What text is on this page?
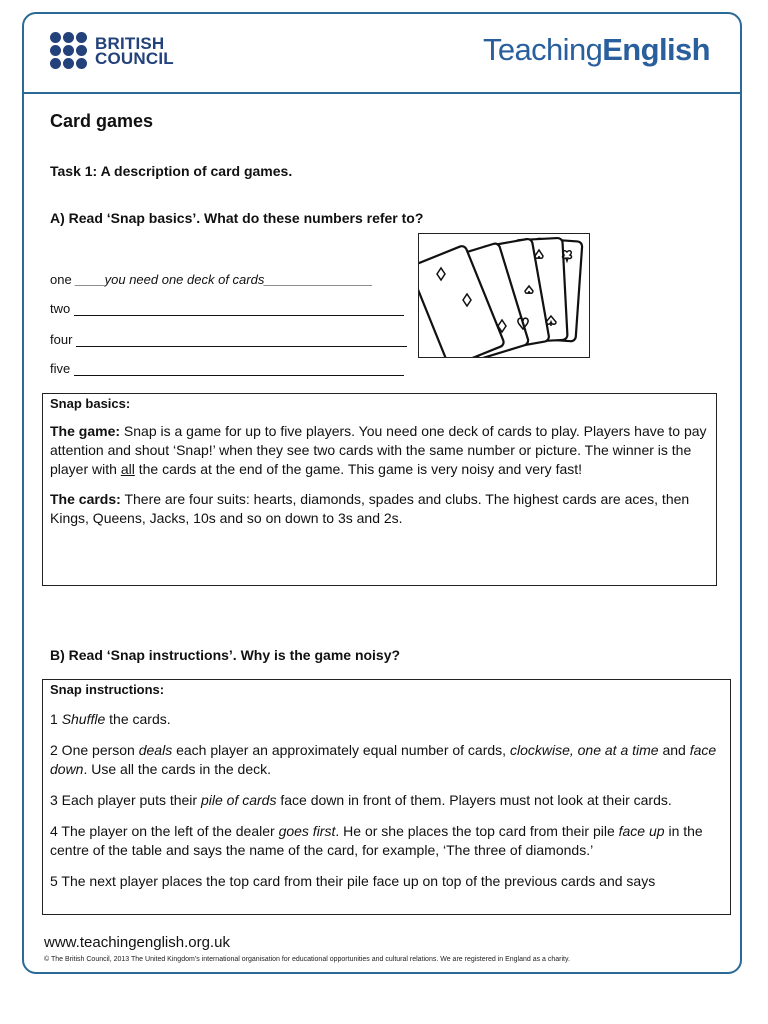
BRITISH
COUNCIL	TeachingEnglish
Card games
Task 1: A description of card games.
A) Read ‘Snap basics’. What do these numbers refer to?
one ____you need one deck of cards_______________
two
four
five
Snap basics:

The game: Snap is a game for up to five players. You need one deck of cards to play. Players have to pay attention and shout ‘Snap!’ when they see two cards with the same number or picture. The winner is the player with all the cards at the end of the game. This game is very noisy and very fast!

The cards: There are four suits: hearts, diamonds, spades and clubs. The highest cards are aces, then Kings, Queens, Jacks, 10s and so on down to 3s and 2s.

B) Read ‘Snap instructions’. Why is the game noisy?
Snap instructions:

1 Shuffle the cards.

2 One person deals each player an approximately equal number of cards, clockwise, one at a time and face down. Use all the cards in the deck.

3 Each player puts their pile of cards face down in front of them. Players must not look at their cards.

4 The player on the left of the dealer goes first. He or she places the top card from their pile face up in the centre of the table and says the name of the card, for example, ‘The three of diamonds.’

5 The next player places the top card from their pile face up on top of the previous cards and says

www.teachingenglish.org.uk
© The British Council, 2013 The United Kingdom’s international organisation for educational opportunities and cultural relations. We are registered in England as a charity.
